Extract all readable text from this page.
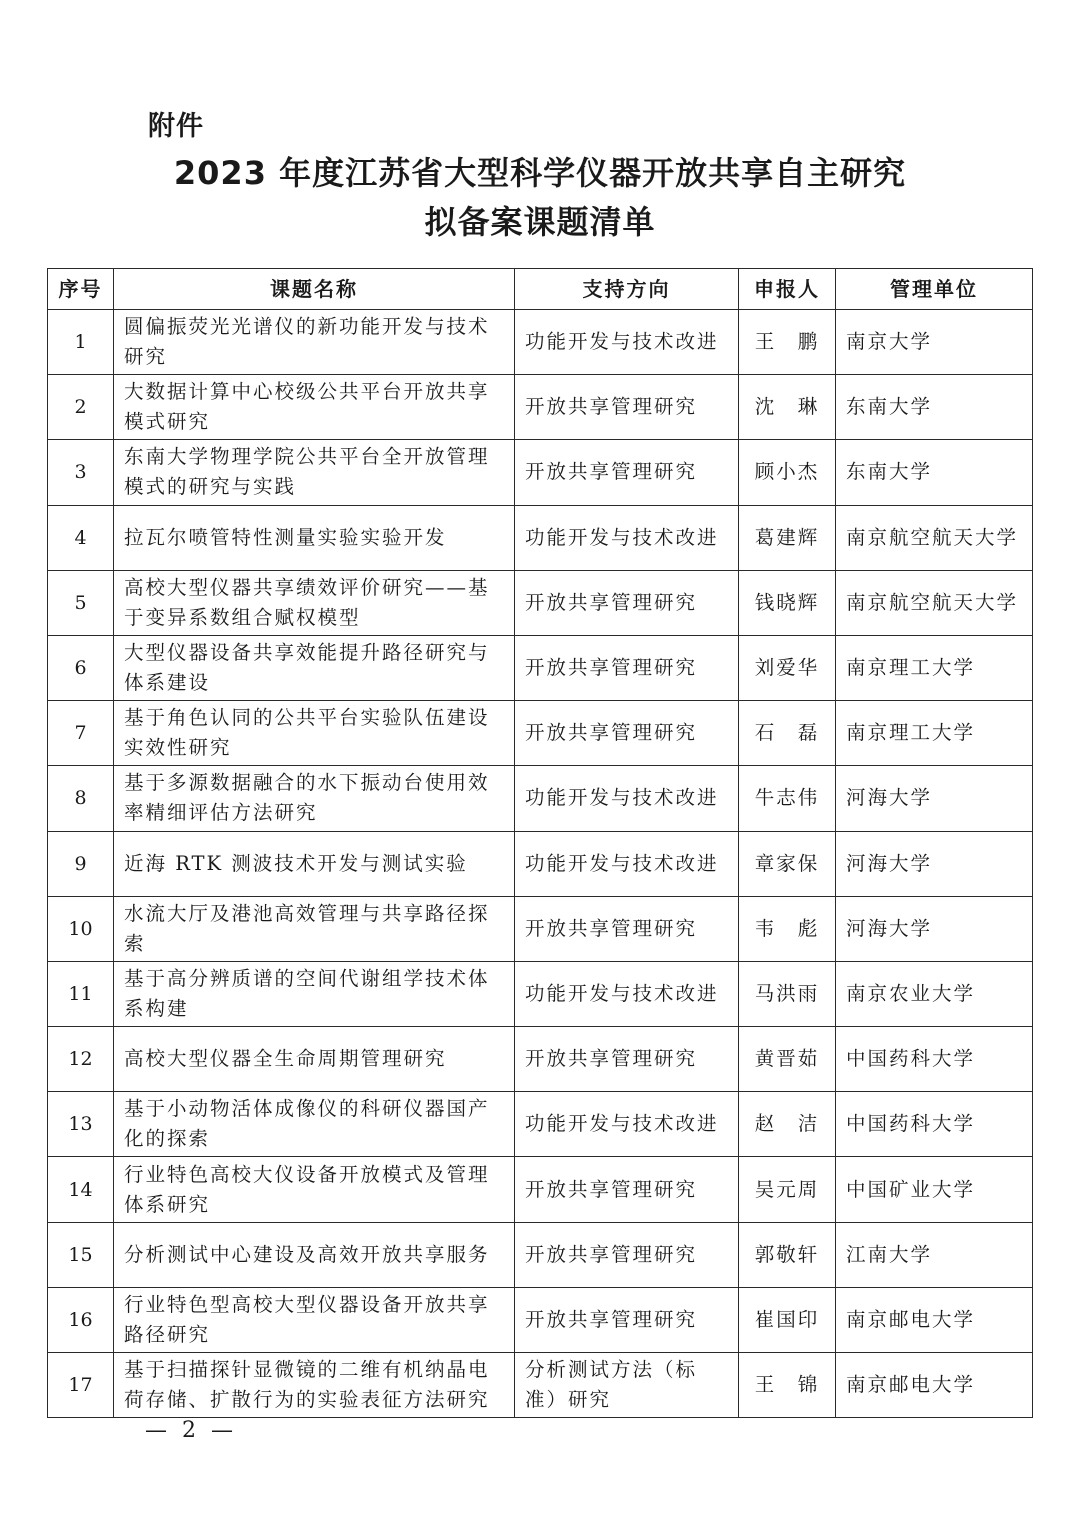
附件
2023 年度江苏省大型科学仪器开放共享自主研究
拟备案课题清单
序号	课题名称	支持方向	申报人	管理单位
1	圆偏振荧光光谱仪的新功能开发与技术研究	功能开发与技术改进	王　鹏	南京大学
2	大数据计算中心校级公共平台开放共享模式研究	开放共享管理研究	沈　琳	东南大学
3	东南大学物理学院公共平台全开放管理模式的研究与实践	开放共享管理研究	顾小杰	东南大学
4	拉瓦尔喷管特性测量实验实验开发	功能开发与技术改进	葛建辉	南京航空航天大学
5	高校大型仪器共享绩效评价研究——基于变异系数组合赋权模型	开放共享管理研究	钱晓辉	南京航空航天大学
6	大型仪器设备共享效能提升路径研究与体系建设	开放共享管理研究	刘爱华	南京理工大学
7	基于角色认同的公共平台实验队伍建设实效性研究	开放共享管理研究	石　磊	南京理工大学
8	基于多源数据融合的水下振动台使用效率精细评估方法研究	功能开发与技术改进	牛志伟	河海大学
9	近海 RTK 测波技术开发与测试实验	功能开发与技术改进	章家保	河海大学
10	水流大厅及港池高效管理与共享路径探索	开放共享管理研究	韦　彪	河海大学
11	基于高分辨质谱的空间代谢组学技术体系构建	功能开发与技术改进	马洪雨	南京农业大学
12	高校大型仪器全生命周期管理研究	开放共享管理研究	黄晋茹	中国药科大学
13	基于小动物活体成像仪的科研仪器国产化的探索	功能开发与技术改进	赵　洁	中国药科大学
14	行业特色高校大仪设备开放模式及管理体系研究	开放共享管理研究	吴元周	中国矿业大学
15	分析测试中心建设及高效开放共享服务	开放共享管理研究	郭敬轩	江南大学
16	行业特色型高校大型仪器设备开放共享路径研究	开放共享管理研究	崔国印	南京邮电大学
17	基于扫描探针显微镜的二维有机纳晶电荷存储、扩散行为的实验表征方法研究	分析测试方法（标准）研究	王　锦	南京邮电大学
— 2 —
